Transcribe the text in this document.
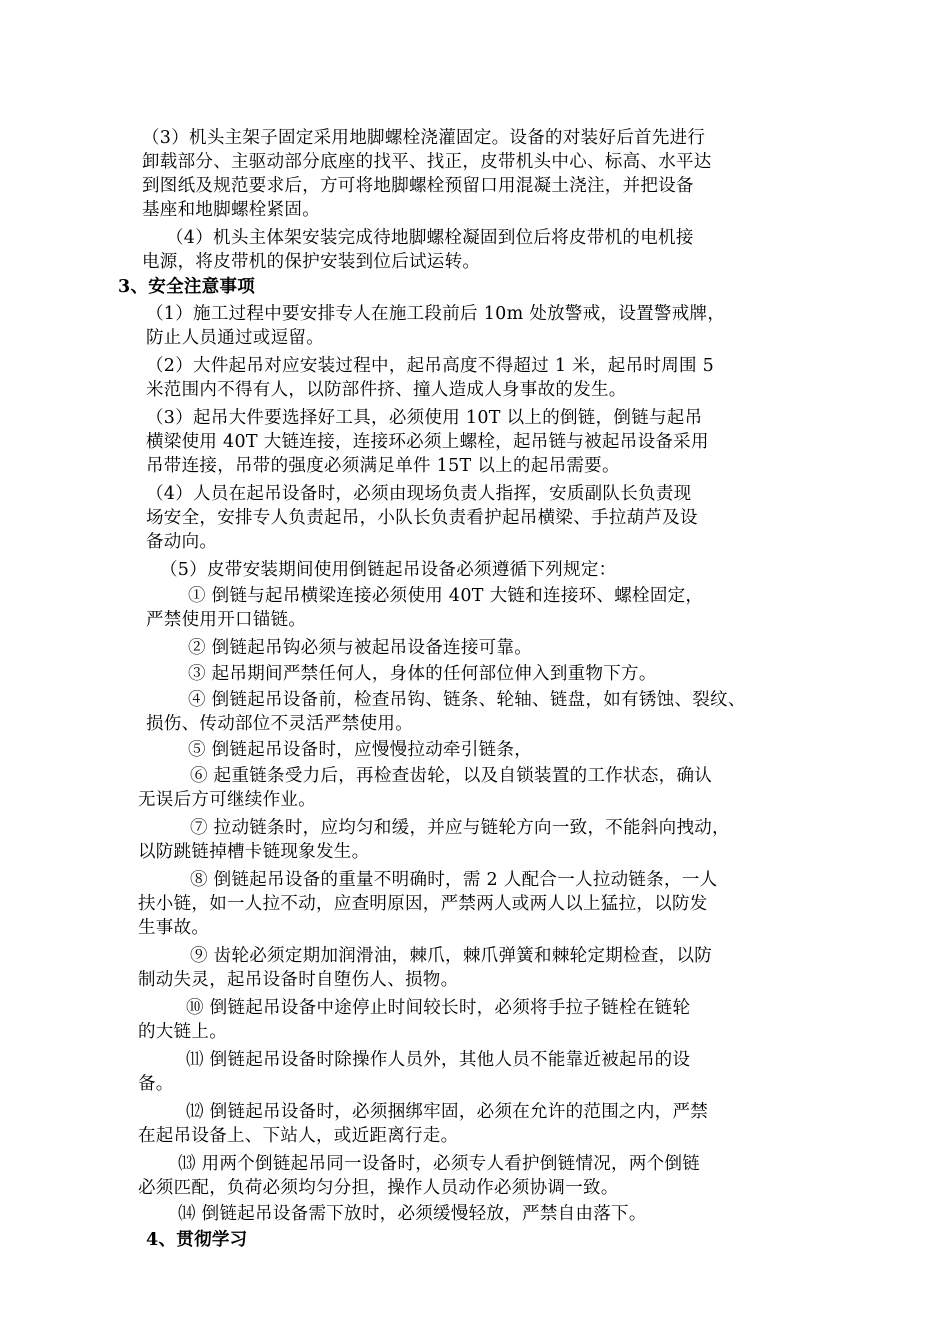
（3）机头主架子固定采用地脚螺栓浇灌固定。设备的对装好后首先进行
卸载部分、主驱动部分底座的找平、找正，皮带机头中心、标高、水平达
到图纸及规范要求后，方可将地脚螺栓预留口用混凝土浇注，并把设备
基座和地脚螺栓紧固。
（4）机头主体架安装完成待地脚螺栓凝固到位后将皮带机的电机接
电源，将皮带机的保护安装到位后试运转。
3、安全注意事项
（1）施工过程中要安排专人在施工段前后 10m 处放警戒，设置警戒牌，
防止人员通过或逗留。
（2）大件起吊对应安装过程中，起吊高度不得超过 1 米，起吊时周围 5
米范围内不得有人，以防部件挤、撞人造成人身事故的发生。
（3）起吊大件要选择好工具，必须使用 10T 以上的倒链，倒链与起吊
横梁使用 40T 大链连接，连接环必须上螺栓，起吊链与被起吊设备采用
吊带连接，吊带的强度必须满足单件 15T 以上的起吊需要。
（4）人员在起吊设备时，必须由现场负责人指挥，安质副队长负责现
场安全，安排专人负责起吊，小队长负责看护起吊横梁、手拉葫芦及设
备动向。
（5）皮带安装期间使用倒链起吊设备必须遵循下列规定：
① 倒链与起吊横梁连接必须使用 40T 大链和连接环、螺栓固定，
严禁使用开口锚链。
② 倒链起吊钩必须与被起吊设备连接可靠。
③ 起吊期间严禁任何人，身体的任何部位伸入到重物下方。
④ 倒链起吊设备前，检查吊钩、链条、轮轴、链盘，如有锈蚀、裂纹、
损伤、传动部位不灵活严禁使用。
⑤ 倒链起吊设备时，应慢慢拉动牵引链条，
⑥ 起重链条受力后，再检查齿轮，以及自锁装置的工作状态，确认
无误后方可继续作业。
⑦ 拉动链条时，应均匀和缓，并应与链轮方向一致，不能斜向拽动，
以防跳链掉槽卡链现象发生。
⑧ 倒链起吊设备的重量不明确时，需 2 人配合一人拉动链条，一人
扶小链，如一人拉不动，应查明原因，严禁两人或两人以上猛拉，以防发
生事故。
⑨ 齿轮必须定期加润滑油，棘爪，棘爪弹簧和棘轮定期检查，以防
制动失灵，起吊设备时自堕伤人、损物。
⑩ 倒链起吊设备中途停止时间较长时，必须将手拉子链栓在链轮
的大链上。
⑾ 倒链起吊设备时除操作人员外，其他人员不能靠近被起吊的设
备。
⑿ 倒链起吊设备时，必须捆绑牢固，必须在允许的范围之内，严禁
在起吊设备上、下站人，或近距离行走。
⒀ 用两个倒链起吊同一设备时，必须专人看护倒链情况，两个倒链
必须匹配，负荷必须均匀分担，操作人员动作必须协调一致。
⒁ 倒链起吊设备需下放时，必须缓慢轻放，严禁自由落下。
4、贯彻学习
